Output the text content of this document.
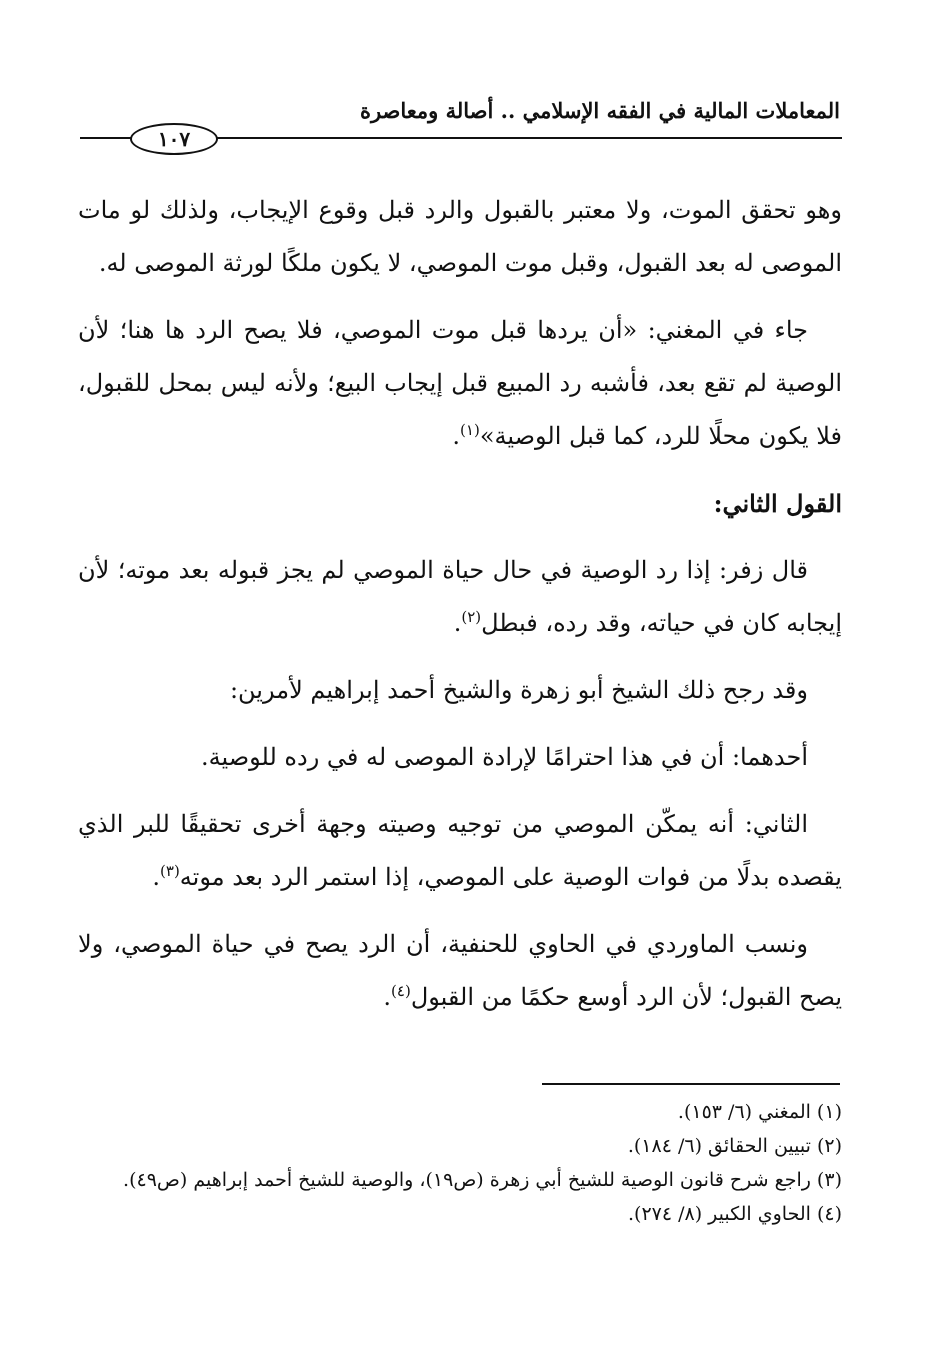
المعاملات المالية في الفقه الإسلامي .. أصالة ومعاصرة
١٠٧

وهو تحقق الموت، ولا معتبر بالقبول والرد قبل وقوع الإيجاب، ولذلك لو مات الموصى له بعد القبول، وقبل موت الموصي، لا يكون ملكًا لورثة الموصى له.

جاء في المغني: «أن يردها قبل موت الموصي، فلا يصح الرد ها هنا؛ لأن الوصية لم تقع بعد، فأشبه رد المبيع قبل إيجاب البيع؛ ولأنه ليس بمحل للقبول، فلا يكون محلًا للرد، كما قبل الوصية»$^{(١)}$.

القول الثاني:

قال زفر: إذا رد الوصية في حال حياة الموصي لم يجز قبوله بعد موته؛ لأن إيجابه كان في حياته، وقد رده، فبطل$^{(٢)}$.

وقد رجح ذلك الشيخ أبو زهرة والشيخ أحمد إبراهيم لأمرين:

أحدهما: أن في هذا احترامًا لإرادة الموصى له في رده للوصية.

الثاني: أنه يمكّن الموصي من توجيه وصيته وجهة أخرى تحقيقًا للبر الذي يقصده بدلًا من فوات الوصية على الموصي، إذا استمر الرد بعد موته$^{(٣)}$.

ونسب الماوردي في الحاوي للحنفية، أن الرد يصح في حياة الموصي، ولا يصح القبول؛ لأن الرد أوسع حكمًا من القبول$^{(٤)}$.

(١) المغني (٦/ ١٥٣).
(٢) تبيين الحقائق (٦/ ١٨٤).
(٣) راجع شرح قانون الوصية للشيخ أبي زهرة (ص١٩)، والوصية للشيخ أحمد إبراهيم (ص٤٩).
(٤) الحاوي الكبير (٨/ ٢٧٤).
